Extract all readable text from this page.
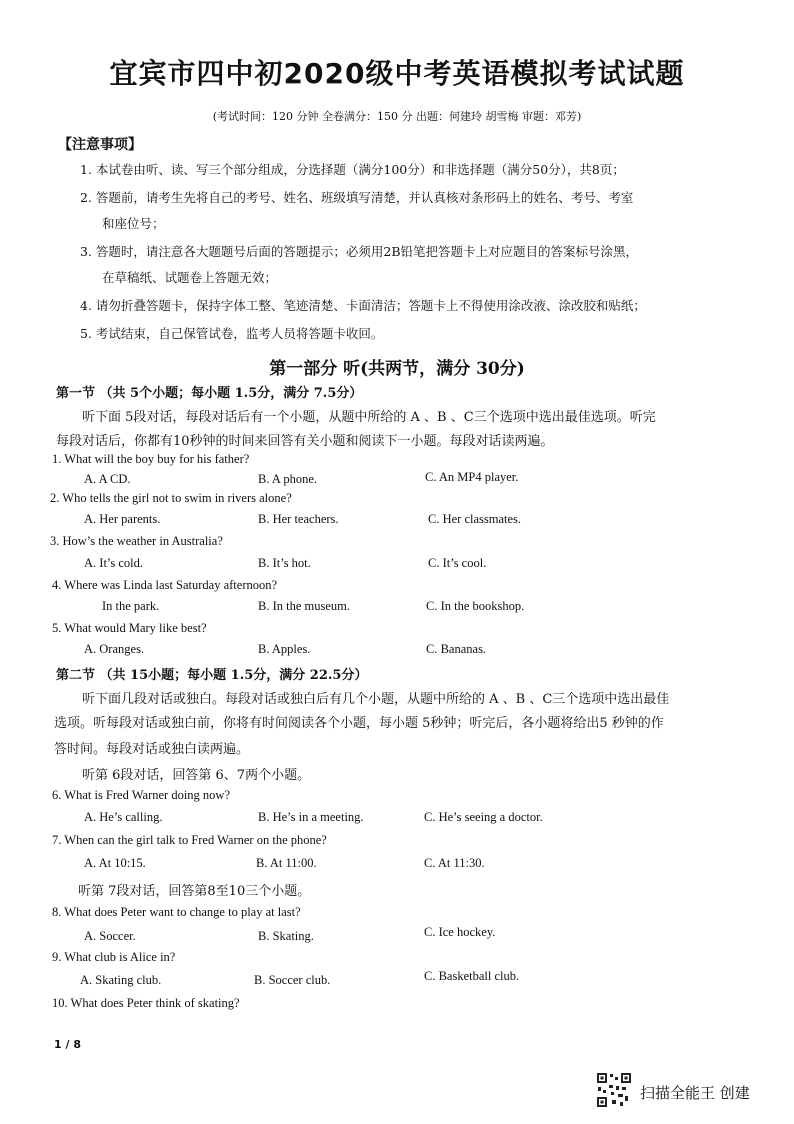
宜宾市四中初2020级中考英语模拟考试试题
(考试时间：120 分钟 全卷满分：150 分 出题：何建玲 胡雪梅 审题：邓芳)
【注意事项】
1. 本试卷由听、读、写三个部分组成，分选择题（满分100分）和非选择题（满分50分），共8页；
2. 答题前，请考生先将自己的考号、姓名、班级填写清楚，并认真核对条形码上的姓名、考号、考室
和座位号；
3. 答题时，请注意各大题题号后面的答题提示；必须用2B铅笔把答题卡上对应题目的答案标号涂黑，
在草稿纸、试题卷上答题无效；
4. 请勿折叠答题卡，保持字体工整、笔迹清楚、卡面清洁；答题卡上不得使用涂改液、涂改胶和贴纸；
5. 考试结束，自己保管试卷，监考人员将答题卡收回。
第一部分 听(共两节，满分 30分)
第一节 （共 5个小题；每小题 1.5分，满分 7.5分）
听下面 5段对话，每段对话后有一个小题，从题中所给的 A 、B 、C三个选项中选出最佳选项。听完
每段对话后，你都有10秒钟的时间来回答有关小题和阅读下一小题。每段对话读两遍。
1. What will the boy buy for his father?
A. A CD.	B. A phone.	C. An MP4 player.
2. Who tells the girl not to swim in rivers alone?
A. Her parents.	B. Her teachers.	C. Her classmates.
3. How’s the weather in Australia?
A. It’s cold.	B. It’s hot.	C. It’s cool.
4. Where was Linda last Saturday afternoon?
In the park.	B. In the museum.	C. In the bookshop.
5. What would Mary like best?
A. Oranges.	B. Apples.	C. Bananas.
第二节 （共 15小题；每小题 1.5分，满分 22.5分）
听下面几段对话或独白。每段对话或独白后有几个小题，从题中所给的 A 、B 、C三个选项中选出最佳
选项。听每段对话或独白前，你将有时间阅读各个小题，每小题 5秒钟；听完后，各小题将给出5 秒钟的作
答时间。每段对话或独白读两遍。
听第 6段对话，回答第 6、7两个小题。
6. What is Fred Warner doing now?
A. He’s calling.	B. He’s in a meeting.	C. He’s seeing a doctor.
7. When can the girl talk to Fred Warner on the phone?
A. At 10:15.	B. At 11:00.	C. At 11:30.
听第 7段对话，回答第8至10三个小题。
8. What does Peter want to change to play at last?
A. Soccer.	B. Skating.	C. Ice hockey.
9. What club is Alice in?
A. Skating club.	B. Soccer club.	C. Basketball club.
10. What does Peter think of skating?
1 / 8
扫描全能王 创建
